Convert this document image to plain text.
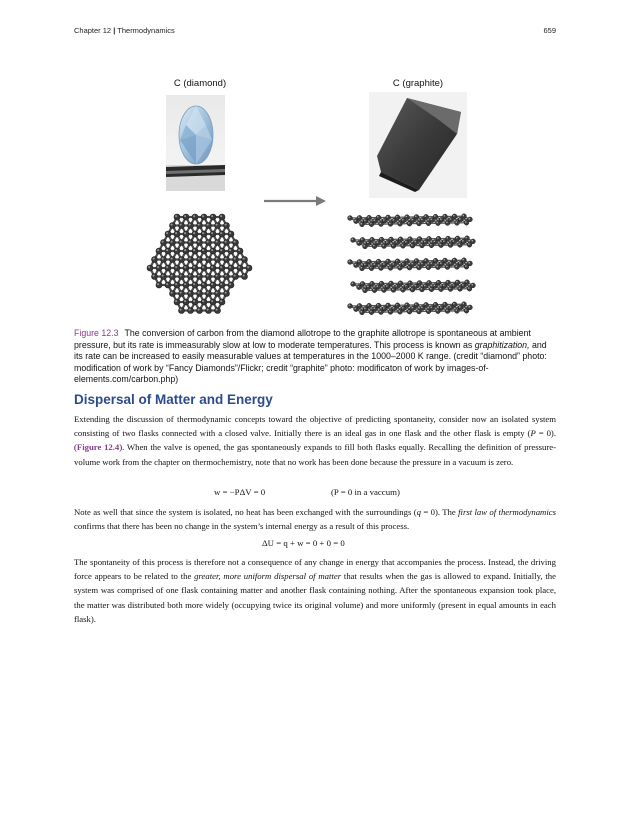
Chapter 12 | Thermodynamics	659
C (diamond)	C (graphite)

Figure 12.3 The conversion of carbon from the diamond allotrope to the graphite allotrope is spontaneous at ambient pressure, but its rate is immeasurably slow at low to moderate temperatures. This process is known as graphitization, and its rate can be increased to easily measurable values at temperatures in the 1000–2000 K range. (credit “diamond” photo: modification of work by “Fancy Diamonds”/Flickr; credit “graphite” photo: modificaton of work by images-of-elements.com/carbon.php)

Dispersal of Matter and Energy

Extending the discussion of thermodynamic concepts toward the objective of predicting spontaneity, consider now an isolated system consisting of two flasks connected with a closed valve. Initially there is an ideal gas in one flask and the other flask is empty (P = 0). (Figure 12.4). When the valve is opened, the gas spontaneously expands to fill both flasks equally. Recalling the definition of pressure-volume work from the chapter on thermochemistry, note that no work has been done because the pressure in a vacuum is zero.

w = −PΔV = 0	(P = 0 in a vaccum)

Note as well that since the system is isolated, no heat has been exchanged with the surroundings (q = 0). The first law of thermodynamics confirms that there has been no change in the system’s internal energy as a result of this process.

ΔU = q + w = 0 + 0 = 0

The spontaneity of this process is therefore not a consequence of any change in energy that accompanies the process. Instead, the driving force appears to be related to the greater, more uniform dispersal of matter that results when the gas is allowed to expand. Initially, the system was comprised of one flask containing matter and another flask containing nothing. After the spontaneous expansion took place, the matter was distributed both more widely (occupying twice its original volume) and more uniformly (present in equal amounts in each flask).
